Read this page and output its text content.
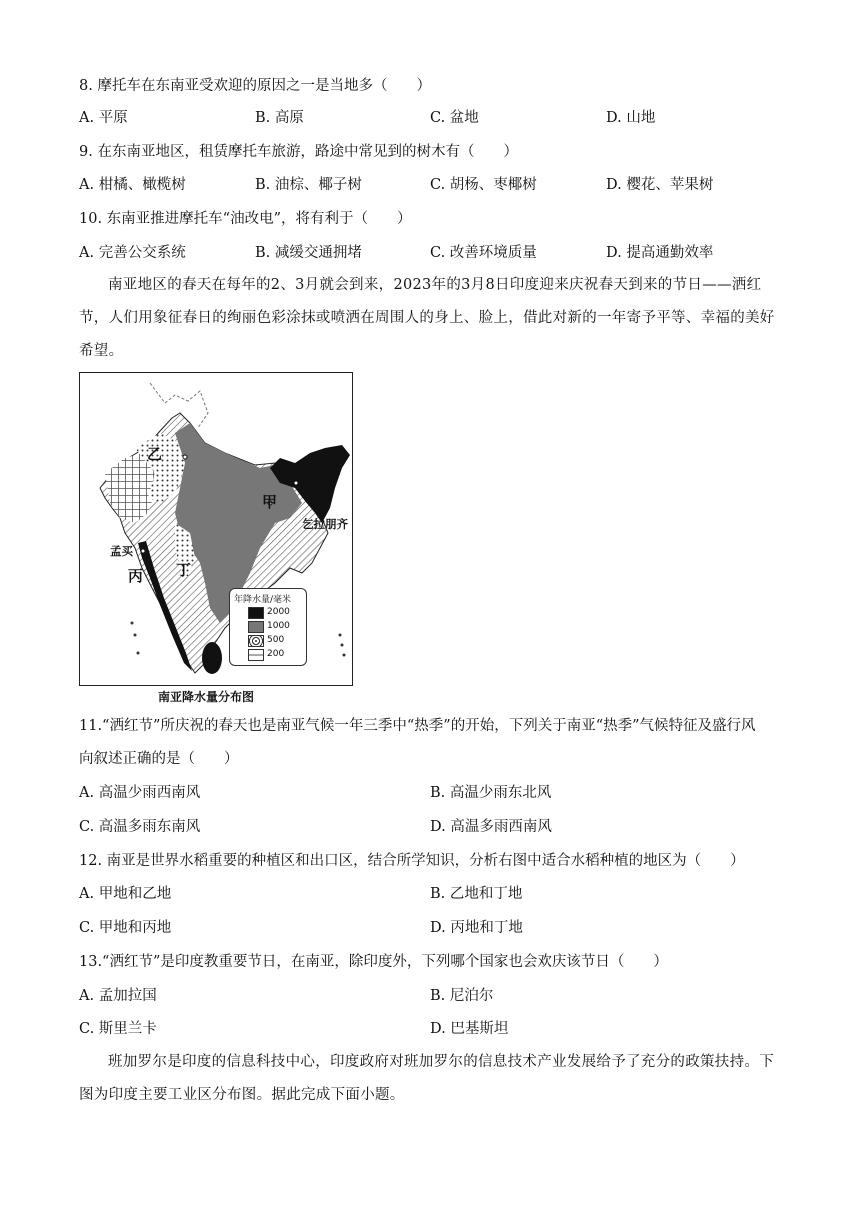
8. 摩托车在东南亚受欢迎的原因之一是当地多（　　）
A. 平原	B. 高原	C. 盆地	D. 山地
9. 在东南亚地区，租赁摩托车旅游，路途中常见到的树木有（　　）
A. 柑橘、橄榄树	B. 油棕、椰子树	C. 胡杨、枣椰树	D. 樱花、苹果树
10. 东南亚推进摩托车“油改电”，将有利于（　　）
A. 完善公交系统	B. 减缓交通拥堵	C. 改善环境质量	D. 提高通勤效率
南亚地区的春天在每年的2、3月就会到来，2023年的3月8日印度迎来庆祝春天到来的节日——洒红节，人们用象征春日的绚丽色彩涂抹或喷洒在周围人的身上、脸上，借此对新的一年寄予平等、幸福的美好希望。
乙
甲
乞拉朋齐
孟买
丙 丁
年降水量/毫米
2000
1000
500
200
南亚降水量分布图
11.“洒红节”所庆祝的春天也是南亚气候一年三季中“热季”的开始，下列关于南亚“热季”气候特征及盛行风
向叙述正确的是（　　）
A. 高温少雨西南风	B. 高温少雨东北风
C. 高温多雨东南风	D. 高温多雨西南风
12. 南亚是世界水稻重要的种植区和出口区，结合所学知识，分析右图中适合水稻种植的地区为（　　）
A. 甲地和乙地	B. 乙地和丁地
C. 甲地和丙地	D. 丙地和丁地
13.“洒红节”是印度教重要节日，在南亚，除印度外，下列哪个国家也会欢庆该节日（　　）
A. 孟加拉国	B. 尼泊尔
C. 斯里兰卡	D. 巴基斯坦
班加罗尔是印度的信息科技中心，印度政府对班加罗尔的信息技术产业发展给予了充分的政策扶持。下图为印度主要工业区分布图。据此完成下面小题。
